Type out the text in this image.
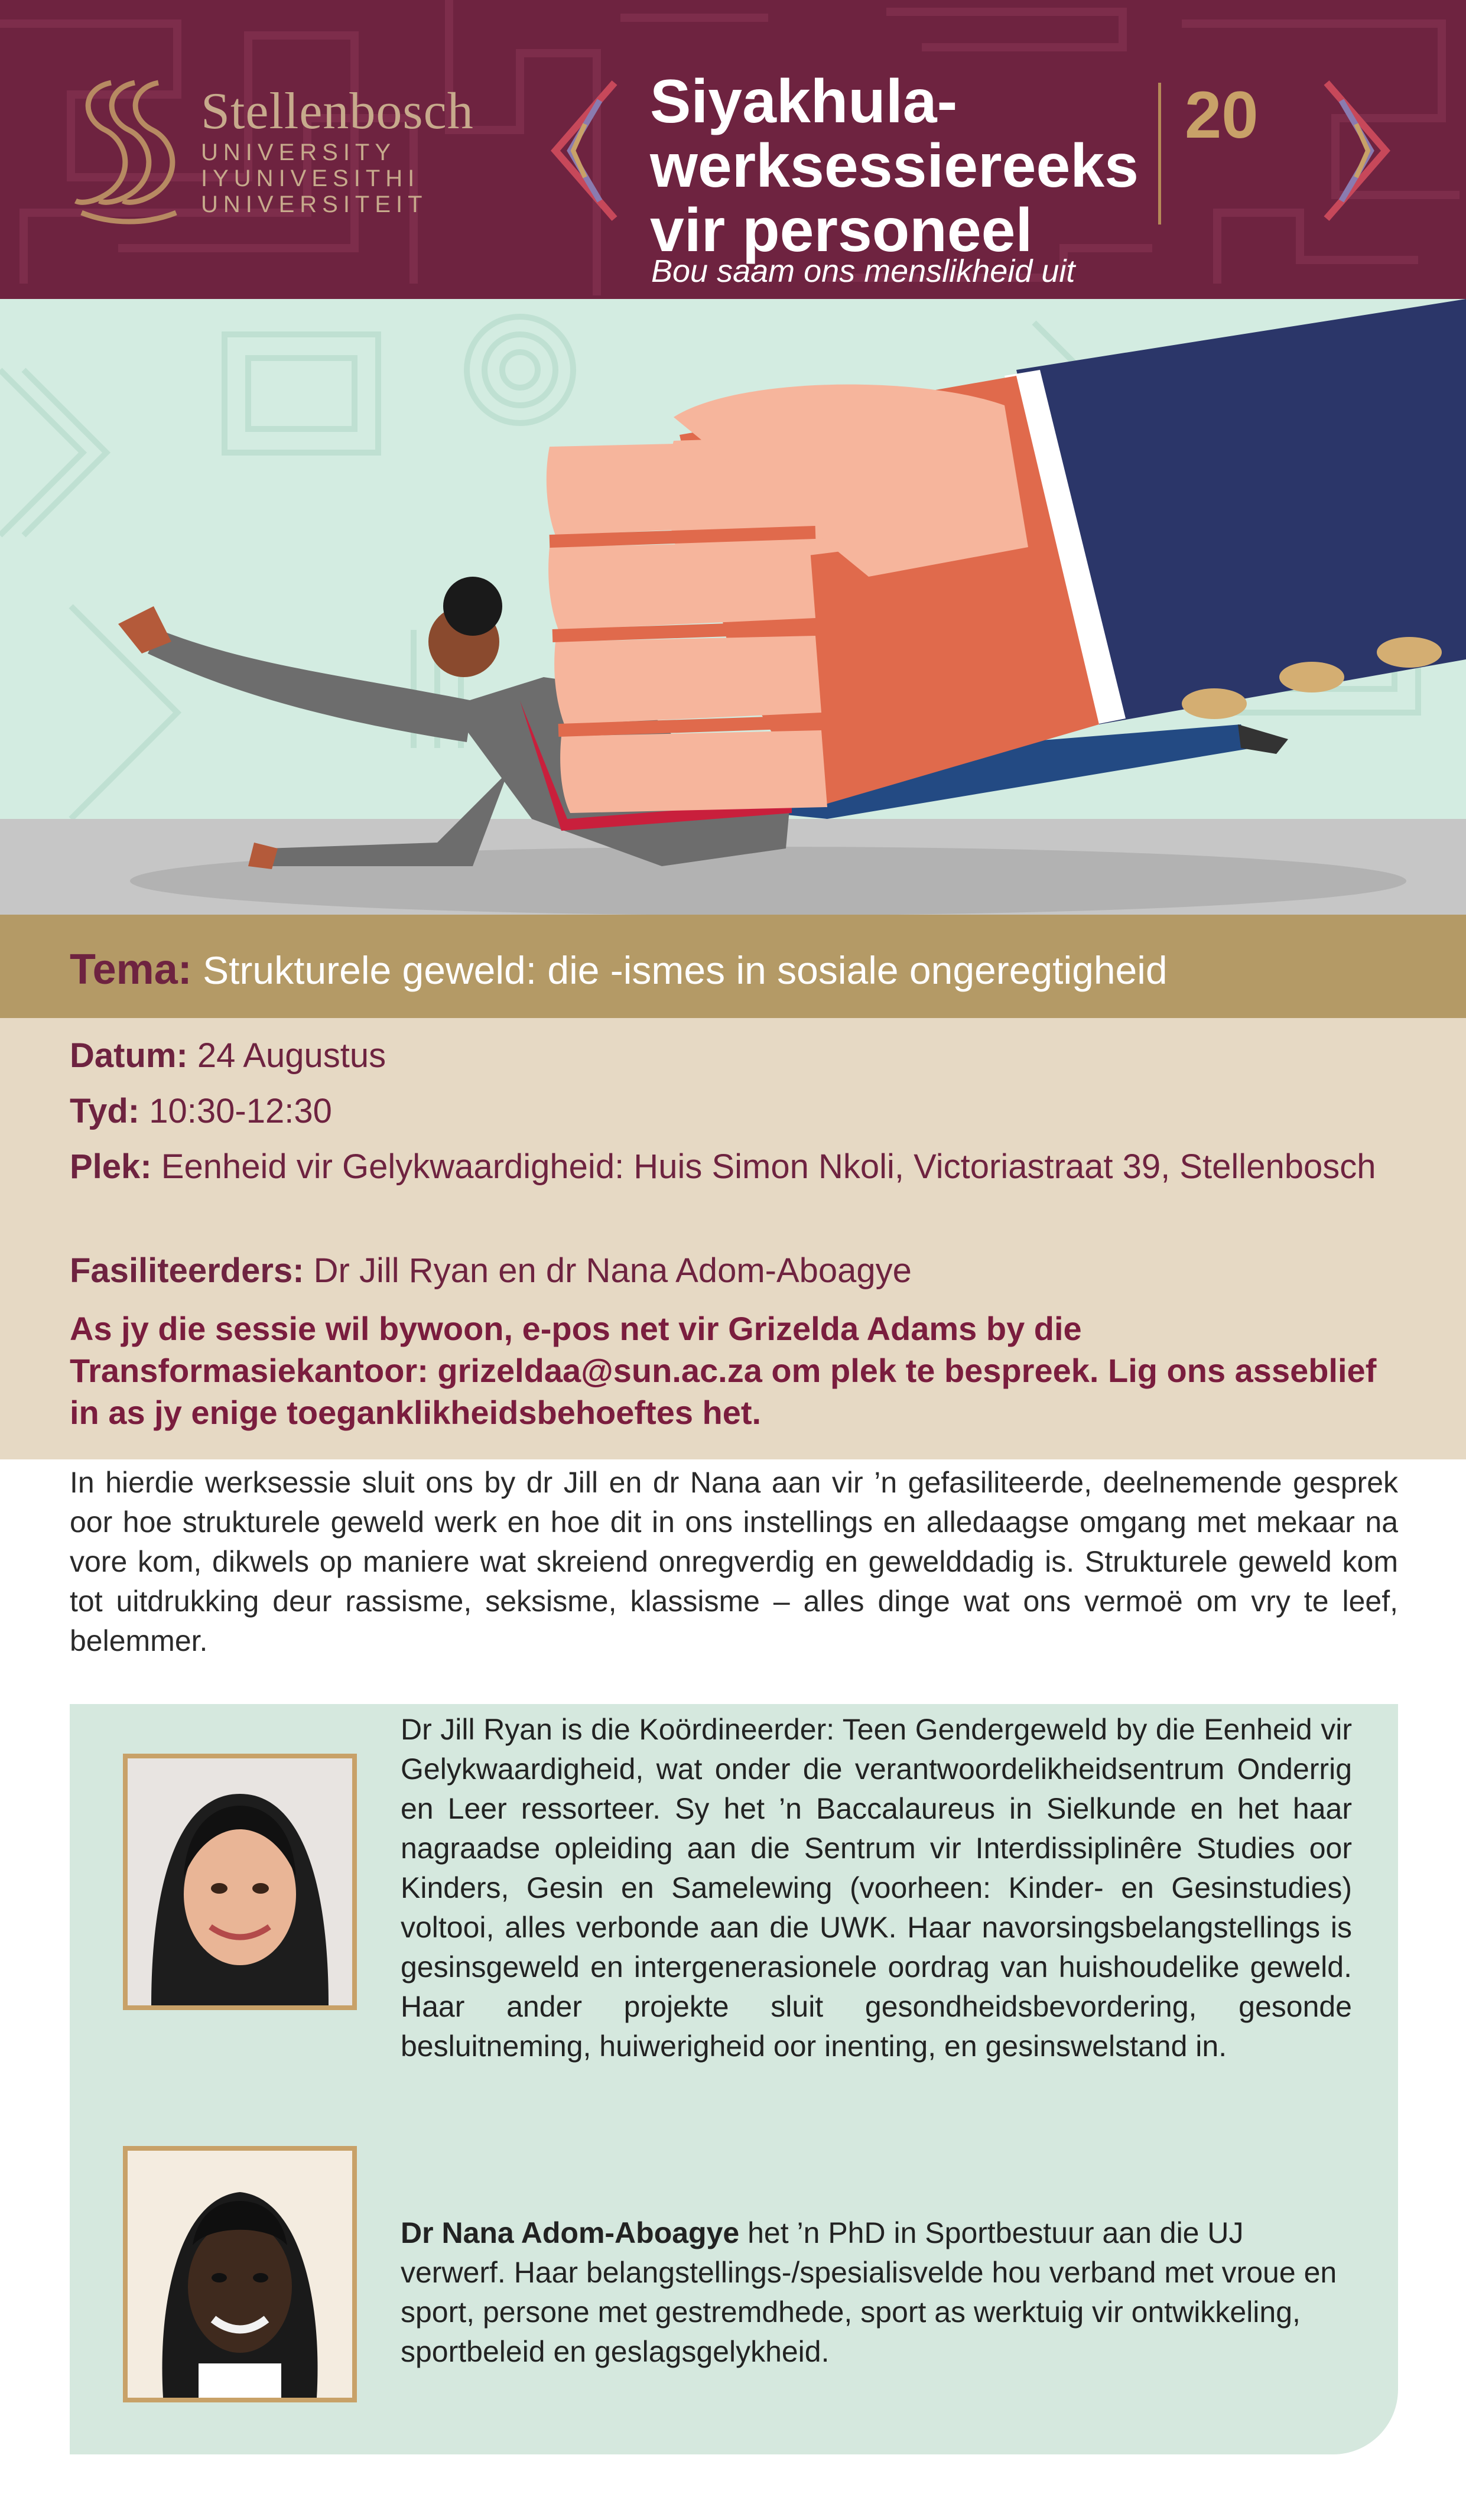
Stellenbosch
UNIVERSITY
IYUNIVESITHI
UNIVERSITEIT
Siyakhula-
werksessiereeks
vir personeel
Bou saam ons menslikheid uit
20
Tema: Strukturele geweld: die -ismes in sosiale ongeregtigheid
Datum: 24 Augustus
Tyd: 10:30-12:30
Plek: Eenheid vir Gelykwaardigheid: Huis Simon Nkoli, Victoriastraat 39, Stellenbosch
Fasiliteerders: Dr Jill Ryan en dr Nana Adom-Aboagye
As jy die sessie wil bywoon, e-pos net vir Grizelda Adams by die Transformasiekantoor: grizeldaa@sun.ac.za om plek te bespreek. Lig ons asseblief in as jy enige toeganklikheidsbehoeftes het.
In hierdie werksessie sluit ons by dr Jill en dr Nana aan vir ’n gefasiliteerde, deelnemende gesprek oor hoe strukturele geweld werk en hoe dit in ons instellings en alledaagse omgang met mekaar na vore kom, dikwels op maniere wat skreiend onregverdig en gewelddadig is. Strukturele geweld kom tot uitdrukking deur rassisme, seksisme, klassisme – alles dinge wat ons vermoë om vry te leef, belemmer.
Dr Jill Ryan is die Koördineerder: Teen Gendergeweld by die Eenheid vir Gelykwaardigheid, wat onder die verantwoordelikheidsentrum Onderrig en Leer ressorteer. Sy het ’n Baccalaureus in Sielkunde en het haar nagraadse opleiding aan die Sentrum vir Interdissiplinêre Studies oor Kinders, Gesin en Samelewing (voorheen: Kinder- en Gesinstudies) voltooi, alles verbonde aan die UWK. Haar navorsingsbelangstellings is gesinsgeweld en intergenerasionele oordrag van huishoudelike geweld. Haar ander projekte sluit gesondheidsbevordering, gesonde besluitneming, huiwerigheid oor inenting, en gesinswelstand in.
Dr Nana Adom-Aboagye het ’n PhD in Sportbestuur aan die UJ verwerf. Haar belangstellings-/spesialisvelde hou verband met vroue en sport, persone met gestremdhede, sport as werktuig vir ontwikkeling, sportbeleid en geslagsgelykheid.
